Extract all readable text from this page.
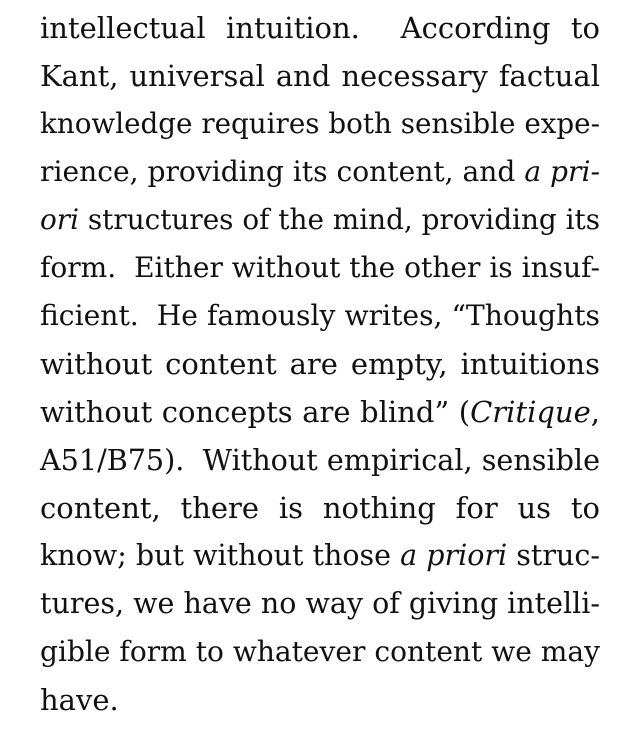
intellectual intuition.  According to
Kant, universal and necessary factual
knowledge requires both sensible expe-
rience, providing its content, and a pri-
ori structures of the mind, providing its
form.  Either without the other is insuf-
ficient.  He famously writes, “Thoughts
without content are empty, intuitions
without concepts are blind” (Critique,
A51/B75).  Without empirical, sensible
content, there is nothing for us to
know; but without those a priori struc-
tures, we have no way of giving intelli-
gible form to whatever content we may
have.
